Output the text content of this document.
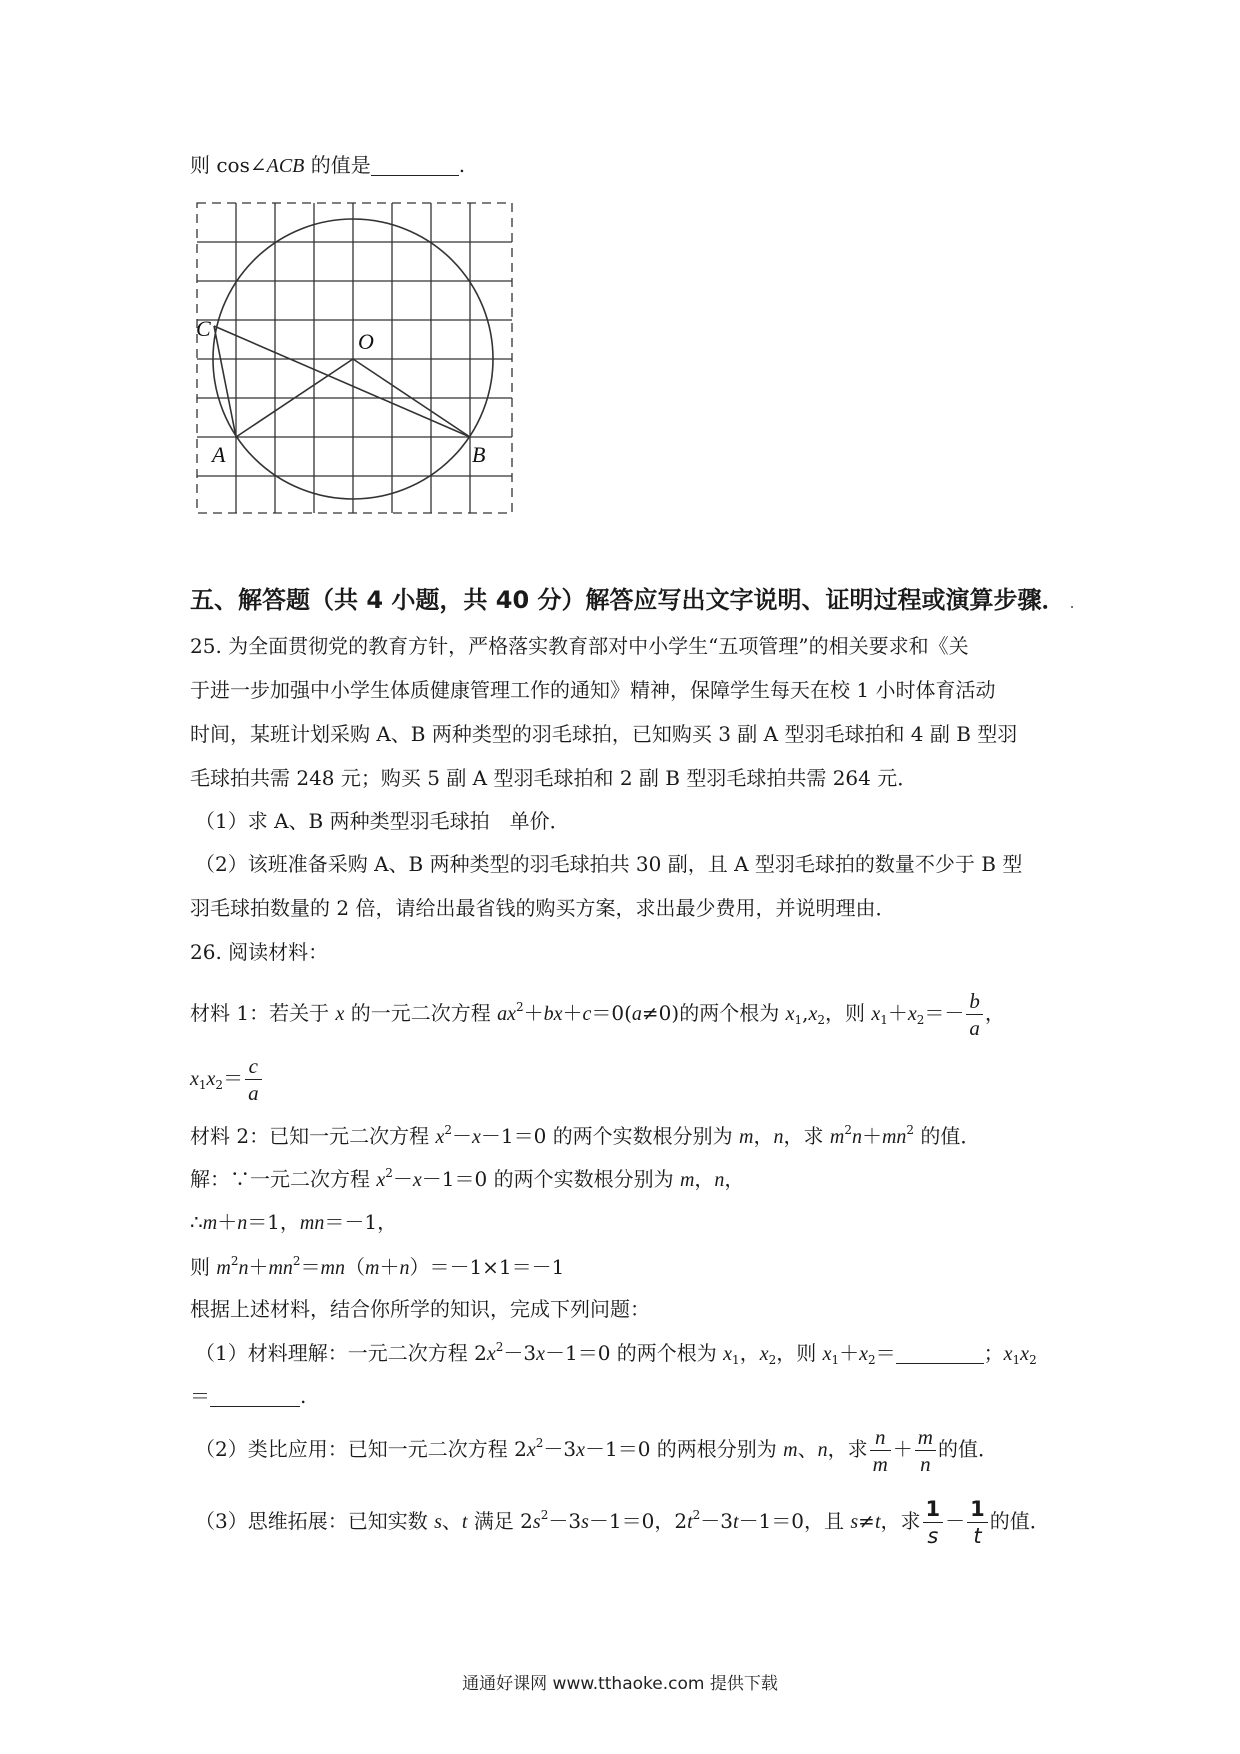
则 cos∠ACB 的值是	.
C
O
A	B
五、解答题（共 4 小题，共 40 分）解答应写出文字说明、证明过程或演算步骤． .
25. 为全面贯彻党的教育方针，严格落实教育部对中小学生“五项管理”的相关要求和《关
于进一步加强中小学生体质健康管理工作的通知》精神，保障学生每天在校 1 小时体育活动
时间，某班计划采购 A、B 两种类型的羽毛球拍，已知购买 3 副 A 型羽毛球拍和 4 副 B 型羽
毛球拍共需 248 元；购买 5 副 A 型羽毛球拍和 2 副 B 型羽毛球拍共需 264 元．
（1）求 A、B 两种类型羽毛球拍　单价．
（2）该班准备采购 A、B 两种类型的羽毛球拍共 30 副，且 A 型羽毛球拍的数量不少于 B 型
羽毛球拍数量的 2 倍，请给出最省钱的购买方案，求出最少费用，并说明理由．
26. 阅读材料：
材料 1：若关于 x 的一元二次方程 $ax^2+bx+c=0(a\ne 0)$的两个根为 $x_1,x_2$，则 $x_1+x_2=- \frac{b}{a}$ ，
$x_1x_2= \frac{c}{a}$
材料 2：已知一元二次方程 $x^2-x-1=0$ 的两个实数根分别为 m，n，求 $m^2n+mn^2$ 的值．
解：∵一元二次方程 $x^2-x-1=0$ 的两个实数根分别为 m，n，
∴m＋n＝1，mn＝－1，
则 $m^2n+mn^2=mn(m+n)=-1\times 1=-1$
根据上述材料，结合你所学的知识，完成下列问题：
（1）材料理解：一元二次方程 $2x^2-3x-1=0$ 的两个根为 $x_1$，$x_2$，则 $x_1+x_2=$	；$x_1x_2$
＝	.
（2）类比应用：已知一元二次方程 $2x^2-3x-1=0$ 的两根分别为 m、n，求 $\frac{n}{m} + \frac{m}{n}$ 的值．
（3）思维拓展：已知实数 s、t 满足 $2s^2-3s-1=0$，$2t^2-3t-1=0$，且 s≠t，求 $\frac{1}{s} - \frac{1}{t}$ 的值．
通通好课网 www.tthaoke.com 提供下载
